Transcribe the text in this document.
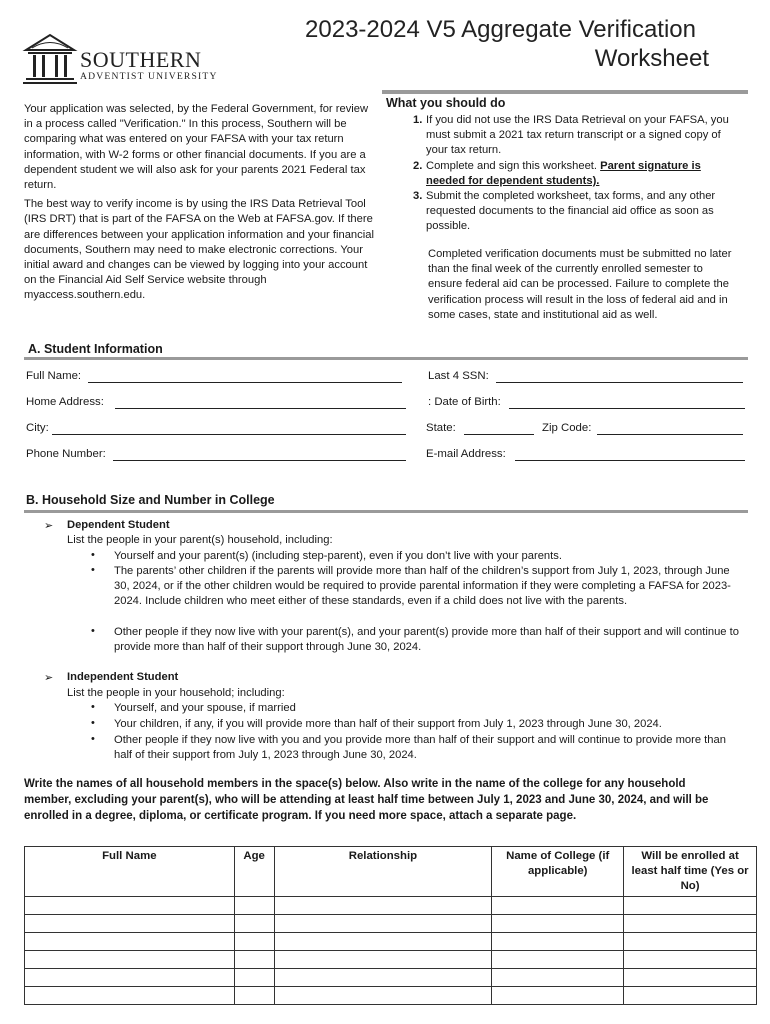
SOUTHERN
ADVENTIST UNIVERSITY
2023-2024 V5 Aggregate Verification
Worksheet

Your application was selected, by the Federal Government, for review in a process called "Verification." In this process, Southern will be comparing what was entered on your FAFSA with your tax return information, with W-2 forms or other financial documents. If you are a dependent student we will also ask for your parents 2021 Federal tax return.

The best way to verify income is by using the IRS Data Retrieval Tool (IRS DRT) that is part of the FAFSA on the Web at FAFSA.gov. If there are differences between your application information and your financial documents, Southern may need to make electronic corrections. Your initial award and changes can be viewed by logging into your account on the Financial Aid Self Service website through myaccess.southern.edu.

What you should do
1. If you did not use the IRS Data Retrieval on your FAFSA, you must submit a 2021 tax return transcript or a signed copy of your tax return.
2. Complete and sign this worksheet. Parent signature is needed for dependent students).
3. Submit the completed worksheet, tax forms, and any other requested documents to the financial aid office as soon as possible.
Completed verification documents must be submitted no later than the final week of the currently enrolled semester to ensure federal aid can be processed. Failure to complete the verification process will result in the loss of federal aid and in some cases, state and institutional aid as well.
A. Student Information
Full Name:	Last 4 SSN:
Home Address:	: Date of Birth:
City:	State:	Zip Code:
Phone Number:	E-mail Address:
B. Household Size and Number in College
➢ Dependent Student
List the people in your parent(s) household, including:
• Yourself and your parent(s) (including step-parent), even if you don’t live with your parents.
• The parents’ other children if the parents will provide more than half of the children’s support from July 1, 2023, through June 30, 2024, or if the other children would be required to provide parental information if they were completing a FAFSA for 2023-2024. Include children who meet either of these standards, even if a child does not live with the parents.
• Other people if they now live with your parent(s), and your parent(s) provide more than half of their support and will continue to provide more than half of their support through June 30, 2024.
➢ Independent Student
List the people in your household; including:
• Yourself, and your spouse, if married
• Your children, if any, if you will provide more than half of their support from July 1, 2023 through June 30, 2024.
• Other people if they now live with you and you provide more than half of their support and will continue to provide more than half of their support from July 1, 2023 through June 30, 2024.
Write the names of all household members in the space(s) below. Also write in the name of the college for any household member, excluding your parent(s), who will be attending at least half time between July 1, 2023 and June 30, 2024, and will be enrolled in a degree, diploma, or certificate program. If you need more space, attach a separate page.
Full Name	Age	Relationship	Name of College (if applicable)	Will be enrolled at least half time (Yes or No)
